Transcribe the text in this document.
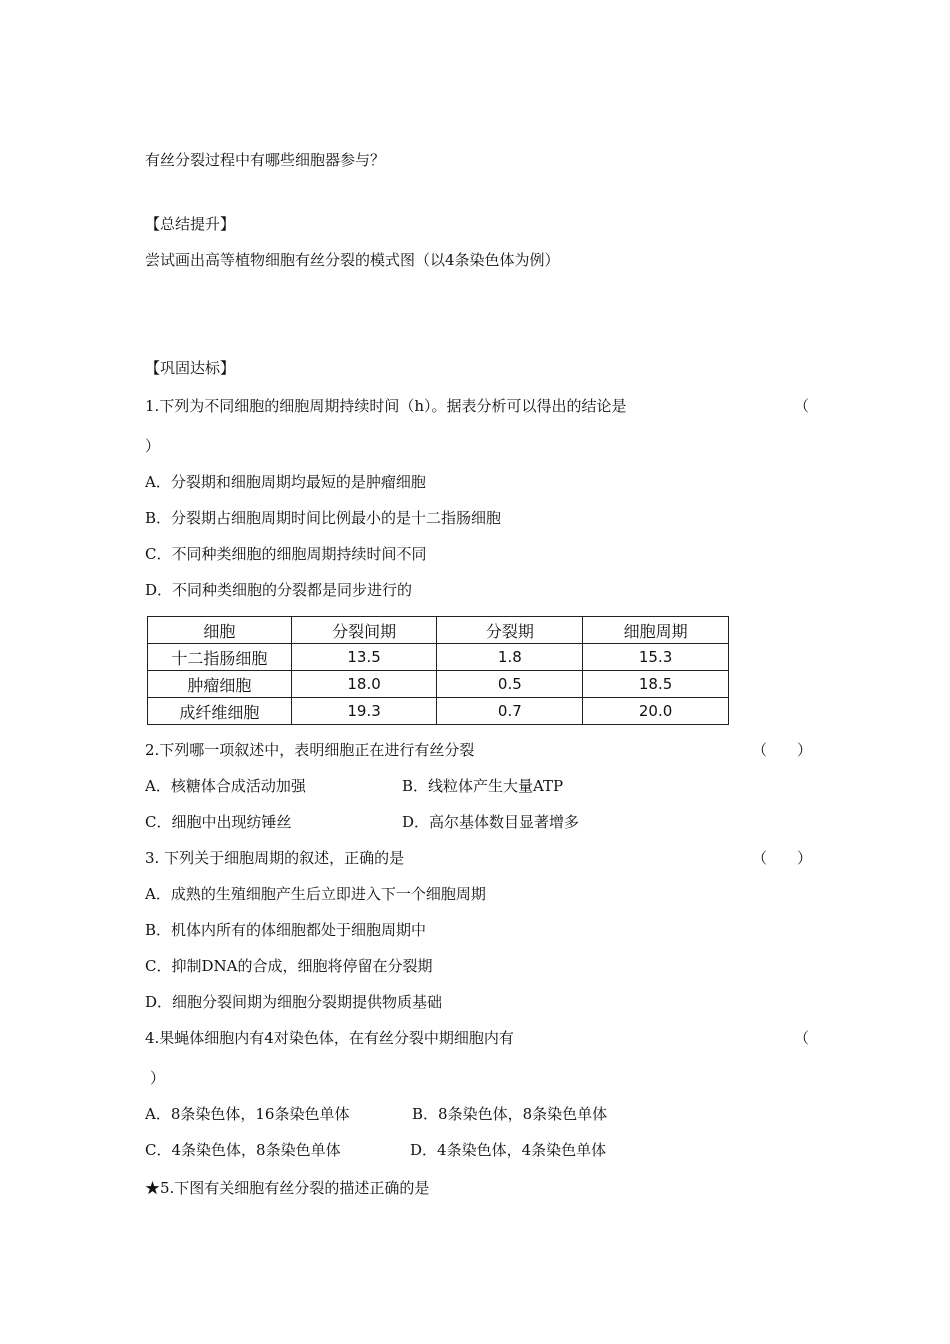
有丝分裂过程中有哪些细胞器参与？
【总结提升】
尝试画出高等植物细胞有丝分裂的模式图（以4条染色体为例）
【巩固达标】
1.下列为不同细胞的细胞周期持续时间（h）。据表分析可以得出的结论是	（
）
A．分裂期和细胞周期均最短的是肿瘤细胞
B．分裂期占细胞周期时间比例最小的是十二指肠细胞
C．不同种类细胞的细胞周期持续时间不同
D．不同种类细胞的分裂都是同步进行的
细胞	分裂间期	分裂期	细胞周期
十二指肠细胞	13.5	1.8	15.3
肿瘤细胞	18.0	0.5	18.5
成纤维细胞	19.3	0.7	20.0
2.下列哪一项叙述中，表明细胞正在进行有丝分裂	（　　）
A．核糖体合成活动加强	B．线粒体产生大量ATP
C．细胞中出现纺锤丝	D．高尔基体数目显著增多
3. 下列关于细胞周期的叙述，正确的是	（　　）
A．成熟的生殖细胞产生后立即进入下一个细胞周期
B．机体内所有的体细胞都处于细胞周期中
C．抑制DNA的合成，细胞将停留在分裂期
D．细胞分裂间期为细胞分裂期提供物质基础
4.果蝇体细胞内有4对染色体，在有丝分裂中期细胞内有	（
）
A．8条染色体，16条染色单体	B．8条染色体，8条染色单体
C．4条染色体，8条染色单体	D．4条染色体，4条染色单体
★5.下图有关细胞有丝分裂的描述正确的是
